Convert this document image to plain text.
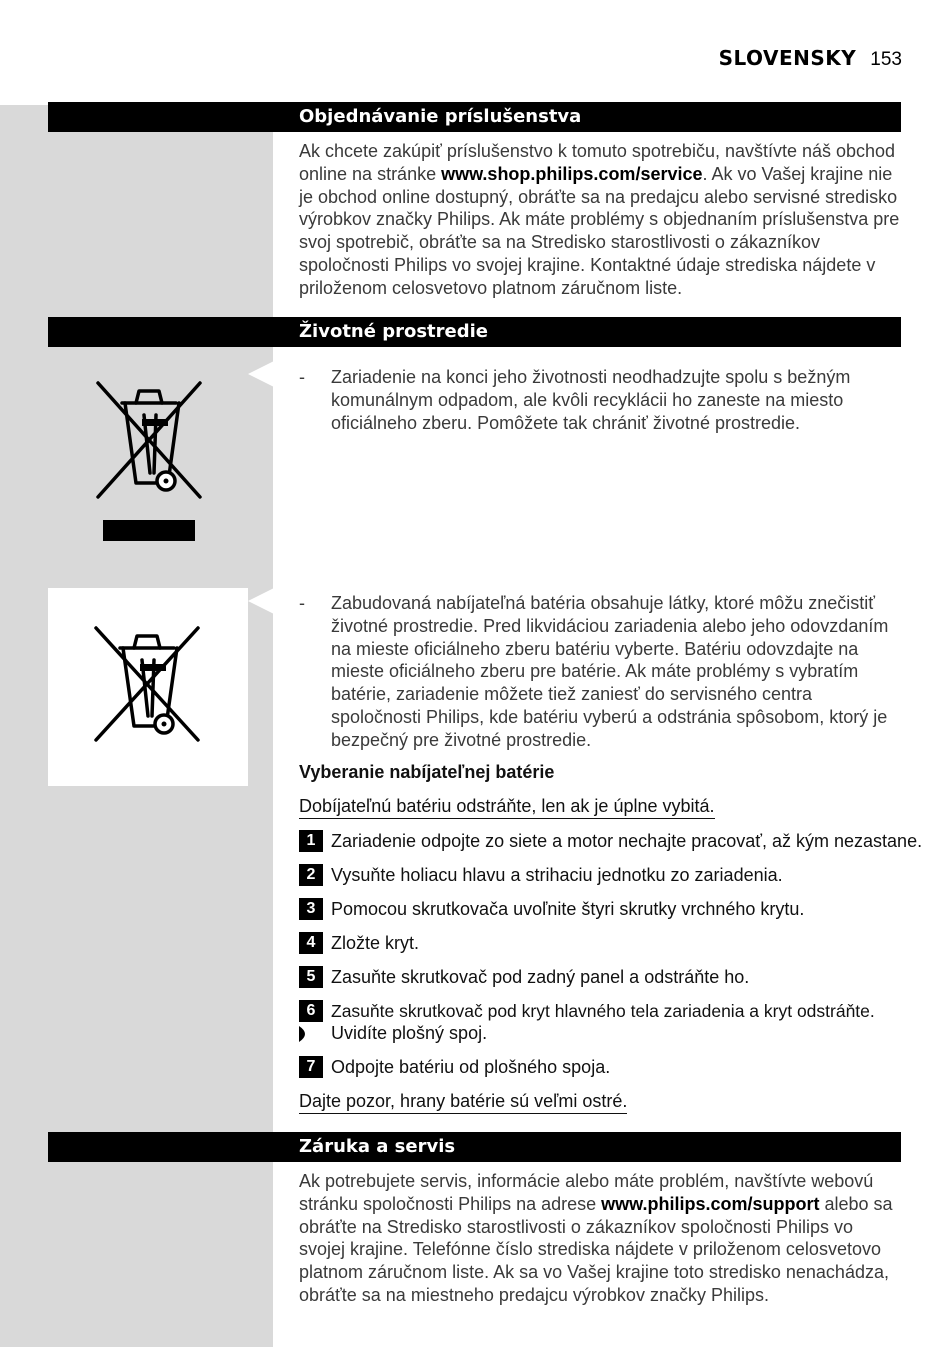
SLOVENSKY 153
Objednávanie príslušenstva

Ak chcete zakúpiť príslušenstvo k tomuto spotrebiču, navštívte náš obchod online na stránke www.shop.philips.com/service. Ak vo Vašej krajine nie je obchod online dostupný, obráťte sa na predajcu alebo servisné stredisko výrobkov značky Philips. Ak máte problémy s objednaním príslušenstva pre svoj spotrebič, obráťte sa na Stredisko starostlivosti o zákazníkov spoločnosti Philips vo svojej krajine. Kontaktné údaje strediska nájdete v priloženom celosvetovo platnom záručnom liste.

Životné prostredie
-	Zariadenie na konci jeho životnosti neodhadzujte spolu s bežným komunálnym odpadom, ale kvôli recyklácii ho zaneste na miesto oficiálneho zberu. Pomôžete tak chrániť životné prostredie.
-	Zabudovaná nabíjateľná batéria obsahuje látky, ktoré môžu znečistiť životné prostredie. Pred likvidáciou zariadenia alebo jeho odovzdaním na mieste oficiálneho zberu batériu vyberte. Batériu odovzdajte na mieste oficiálneho zberu pre batérie. Ak máte problémy s vybratím batérie, zariadenie môžete tiež zaniesť do servisného centra spoločnosti Philips, kde batériu vyberú a odstránia spôsobom, ktorý je bezpečný pre životné prostredie.
Vyberanie nabíjateľnej batérie
Dobíjateľnú batériu odstráňte, len ak je úplne vybitá.
1 Zariadenie odpojte zo siete a motor nechajte pracovať, až kým nezastane.
2 Vysuňte holiacu hlavu a strihaciu jednotku zo zariadenia.
3 Pomocou skrutkovača uvoľnite štyri skrutky vrchného krytu.
4 Zložte kryt.
5 Zasuňte skrutkovač pod zadný panel a odstráňte ho.
6 Zasuňte skrutkovač pod kryt hlavného tela zariadenia a kryt odstráňte.
Uvidíte plošný spoj.
7 Odpojte batériu od plošného spoja.
Dajte pozor, hrany batérie sú veľmi ostré.
Záruka a servis

Ak potrebujete servis, informácie alebo máte problém, navštívte webovú stránku spoločnosti Philips na adrese www.philips.com/support alebo sa obráťte na Stredisko starostlivosti o zákazníkov spoločnosti Philips vo svojej krajine. Telefónne číslo strediska nájdete v priloženom celosvetovo platnom záručnom liste. Ak sa vo Vašej krajine toto stredisko nenachádza, obráťte sa na miestneho predajcu výrobkov značky Philips.
